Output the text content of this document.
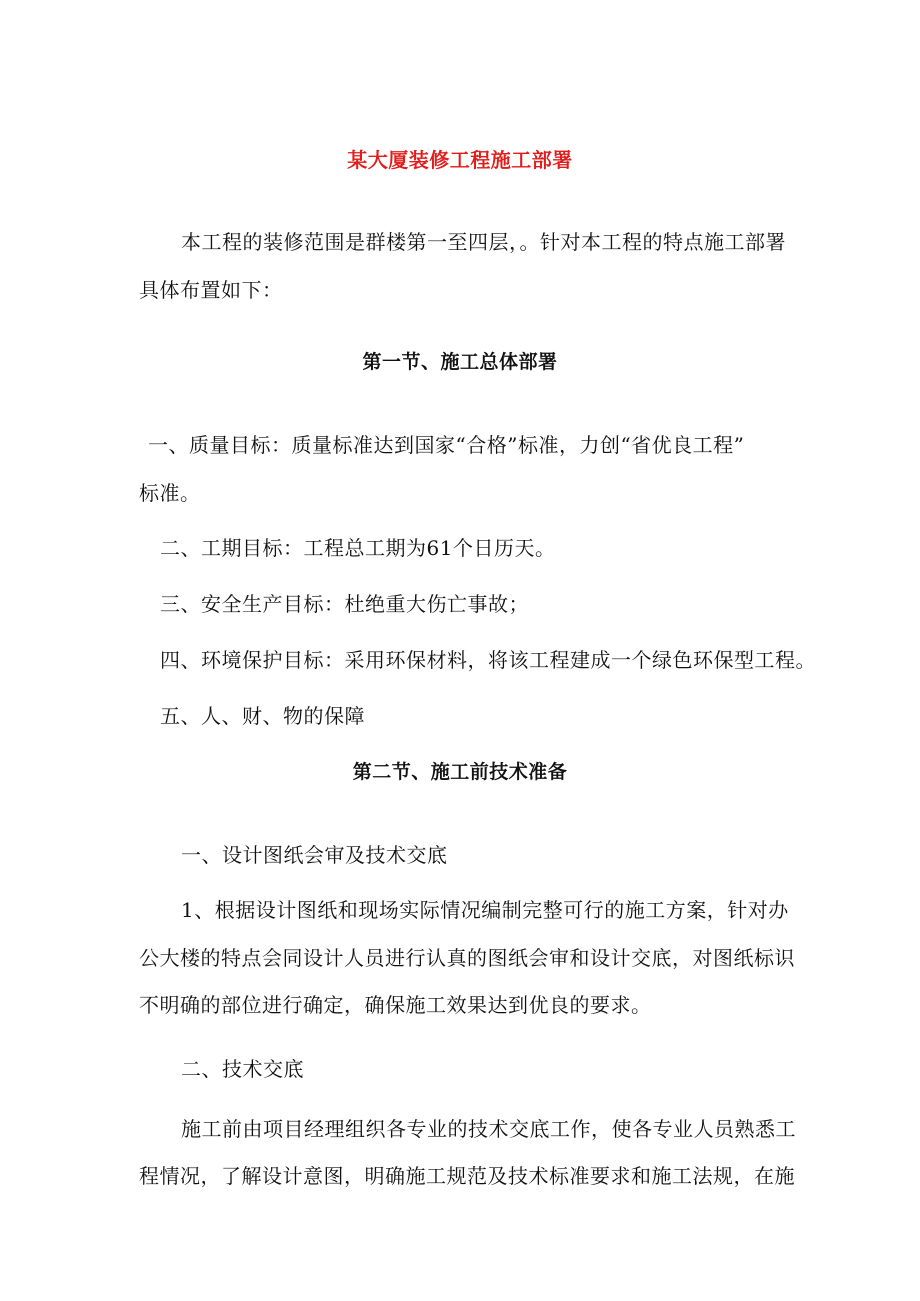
某大厦装修工程施工部署
本工程的装修范围是群楼第一至四层，。针对本工程的特点施工部署
具体布置如下：
第一节、施工总体部署
一、质量目标：质量标准达到国家“合格”标准，力创“省优良工程”
标准。
二、工期目标：工程总工期为61个日历天。
三、安全生产目标：杜绝重大伤亡事故；
四、环境保护目标：采用环保材料，将该工程建成一个绿色环保型工程。
五、人、财、物的保障
第二节、施工前技术准备
一、设计图纸会审及技术交底
1、根据设计图纸和现场实际情况编制完整可行的施工方案，针对办
公大楼的特点会同设计人员进行认真的图纸会审和设计交底，对图纸标识
不明确的部位进行确定，确保施工效果达到优良的要求。
二、技术交底
施工前由项目经理组织各专业的技术交底工作，使各专业人员熟悉工
程情况，了解设计意图，明确施工规范及技术标准要求和施工法规，在施
